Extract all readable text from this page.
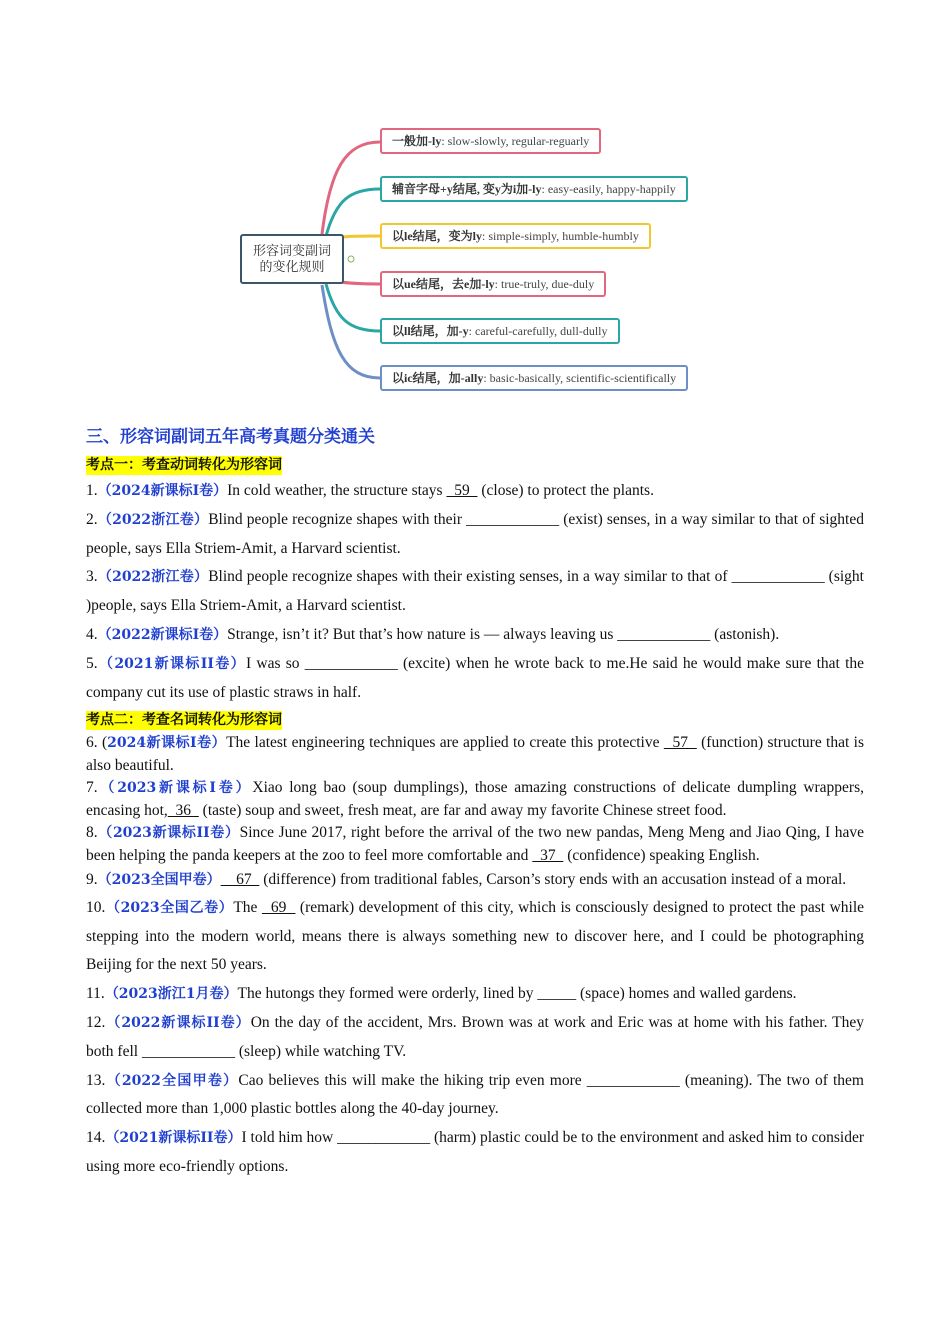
形容词变副词
的变化规则
一般加-ly: slow-slowly, regular-reguarly
辅音字母+y结尾, 变y为i加-ly: easy-easily, happy-happily
以le结尾，变为ly: simple-simply, humble-humbly
以ue结尾，去e加-ly: true-truly, due-duly
以ll结尾，加-y: careful-carefully, dull-dully
以ic结尾，加-ally: basic-basically, scientific-scientifically
三、形容词副词五年高考真题分类通关
考点一：考查动词转化为形容词
1.（2024新课标I卷）In cold weather, the structure stays   59   (close) to protect the plants.
2.（2022浙江卷）Blind people recognize shapes with their ____________ (exist) senses, in a way similar to that of sighted people, says Ella Striem-Amit, a Harvard scientist.
3.（2022浙江卷）Blind people recognize shapes with their existing senses, in a way similar to that of ____________ (sight )people, says Ella Striem-Amit, a Harvard scientist.
4.（2022新课标I卷）Strange, isn’t it? But that’s how nature is — always leaving us ____________ (astonish).
5.（2021新课标II卷）I was so ____________ (excite) when he wrote back to me.He said he would make sure that the company cut its use of plastic straws in half.
考点二：考查名词转化为形容词
6. (2024新课标I卷）The latest engineering techniques are applied to create this protective   57   (function) structure that is also beautiful.
7.（2023新课标I卷）Xiao long bao (soup dumplings), those amazing constructions of delicate dumpling wrappers, encasing hot,  36   (taste) soup and sweet, fresh meat, are far and away my favorite Chinese street food.
8.（2023新课标II卷）Since June 2017, right before the arrival of the two new pandas, Meng Meng and Jiao Qing, I have been helping the panda keepers at the zoo to feel more comfortable and   37   (confidence) speaking English.
9.（2023全国甲卷）    67   (difference) from traditional fables, Carson’s story ends with an accusation instead of a moral.
10.（2023全国乙卷）The   69   (remark) development of this city, which is consciously designed to protect the past while stepping into the modern world, means there is always something new to discover here, and I could be photographing Beijing for the next 50 years.
11.（2023浙江1月卷）The hutongs they formed were orderly, lined by _____ (space) homes and walled gardens.
12.（2022新课标II卷）On the day of the accident, Mrs. Brown was at work and Eric was at home with his father. They both fell ____________ (sleep) while watching TV.
13.（2022全国甲卷）Cao believes this will make the hiking trip even more ____________ (meaning). The two of them collected more than 1,000 plastic bottles along the 40-day journey.
14.（2021新课标II卷）I told him how ____________ (harm) plastic could be to the environment and asked him to consider using more eco-friendly options.
